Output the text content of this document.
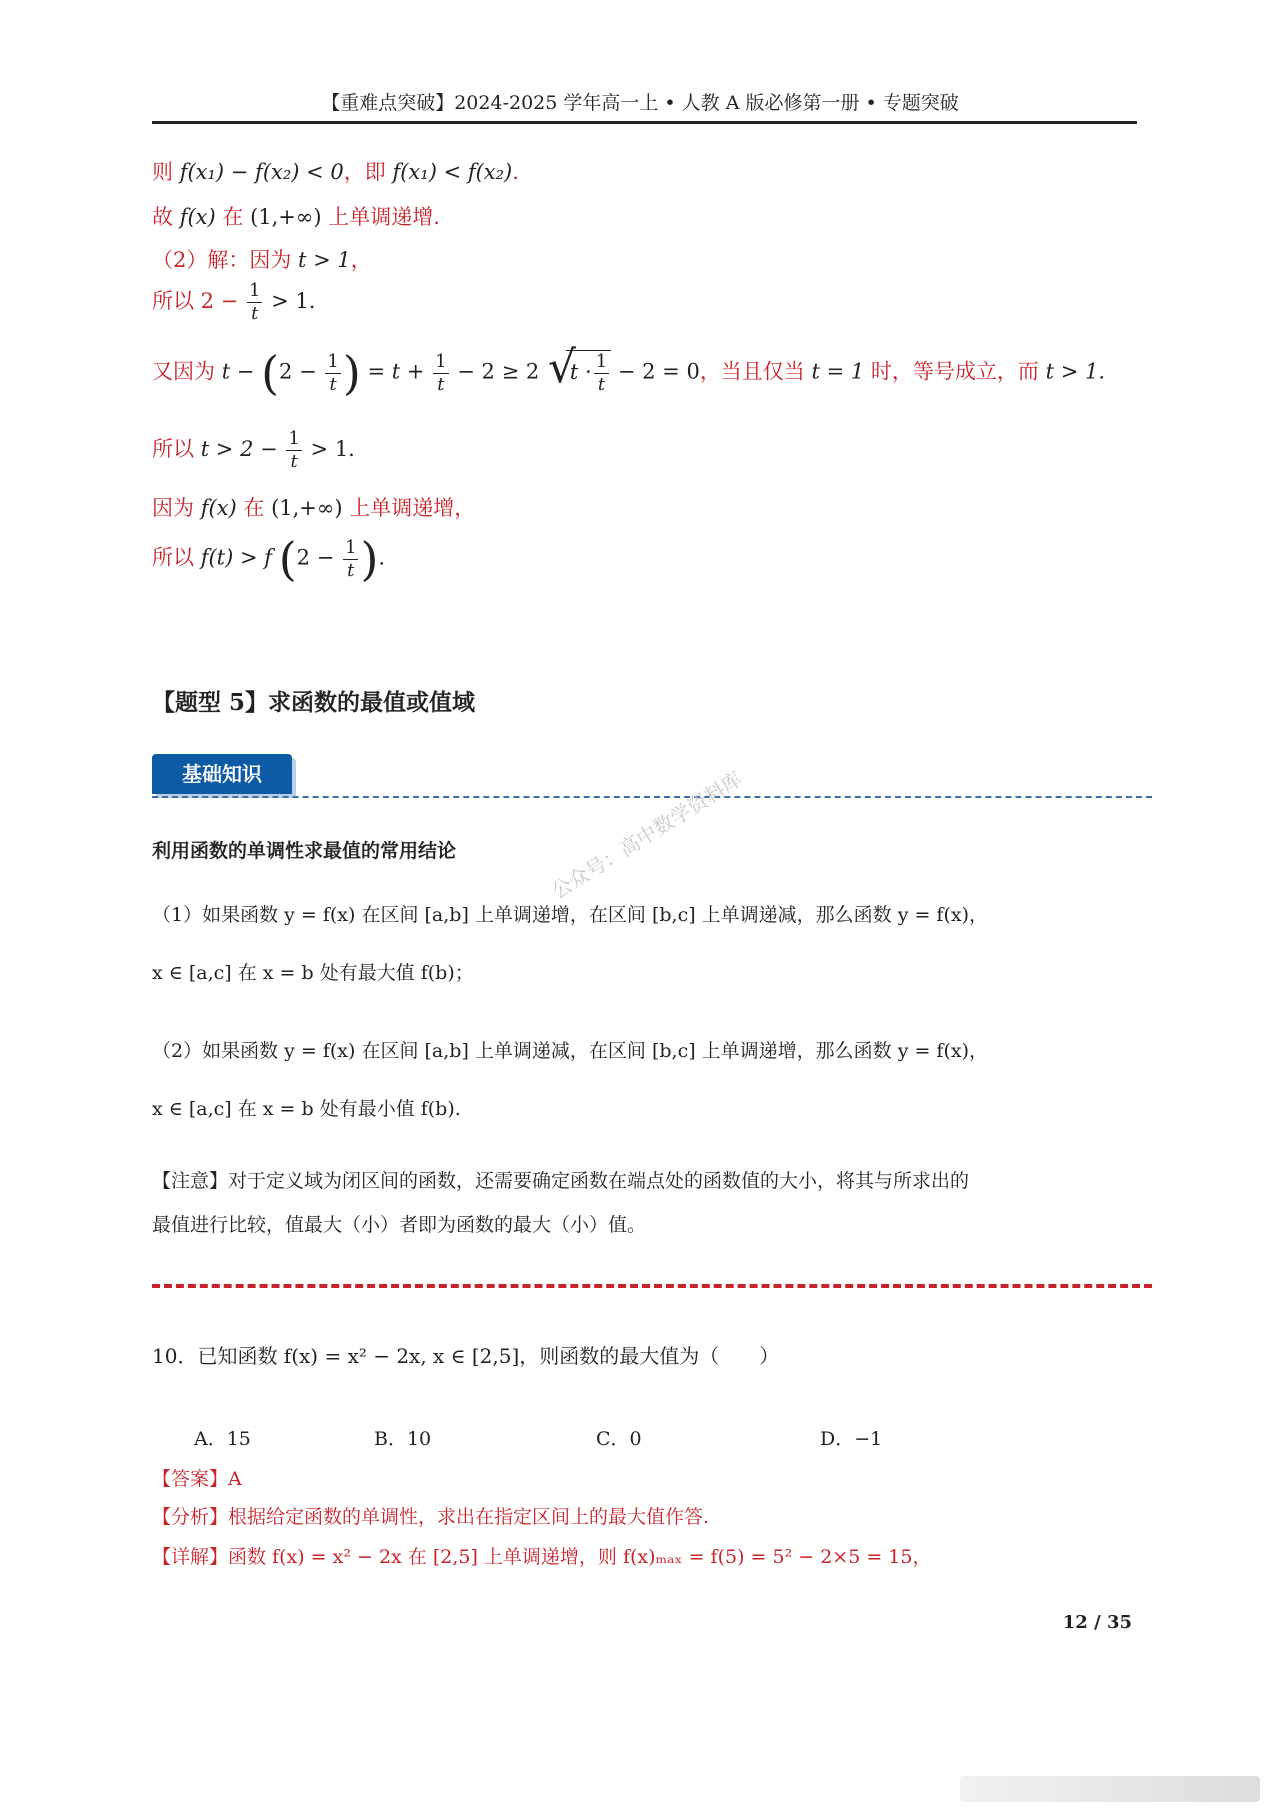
【重难点突破】2024-2025 学年高一上 • 人教 A 版必修第一册 • 专题突破
则 f(x₁) − f(x₂) < 0，即 f(x₁) < f(x₂).
故 f(x) 在 (1,+∞) 上单调递增.
（2）解：因为 t > 1，
所以 $2 - \frac{1}{t} > 1$.
又因为 $t - (2 - \frac{1}{t}$ ) = $t + \frac{1}{t} - 2 \ge 2$ √
$t \cdot \frac{1}{t} - 2 = 0$，当且仅当 t = 1 时，等号成立，而 t > 1.
所以 $t > 2 - \frac{1}{t} > 1$.
因为 f(x) 在 (1,+∞) 上单调递增，
所以 f(t) > f ($2 - \frac{1}{t}$ ).
【题型 5】求函数的最值或值域
基础知识
利用函数的单调性求最值的常用结论	公众号：高中数学资料库
（1）如果函数 y = f(x) 在区间 [a,b] 上单调递增，在区间 [b,c] 上单调递减，那么函数 y = f(x)，
x ∈ [a,c] 在 x = b 处有最大值 f(b)；
（2）如果函数 y = f(x) 在区间 [a,b] 上单调递减，在区间 [b,c] 上单调递增，那么函数 y = f(x)，
x ∈ [a,c] 在 x = b 处有最小值 f(b).
【注意】对于定义域为闭区间的函数，还需要确定函数在端点处的函数值的大小，将其与所求出的
最值进行比较，值最大（小）者即为函数的最大（小）值。
10．已知函数 f(x) = x² − 2x, x ∈ [2,5]，则函数的最大值为（　　）
A．15	B．10	C．0	D．−1
【答案】A
【分析】根据给定函数的单调性，求出在指定区间上的最大值作答.
【详解】函数 f(x) = x² − 2x 在 [2,5] 上单调递增，则 f(x)ₘₐₓ = f(5) = 5² − 2×5 = 15，
12 / 35
